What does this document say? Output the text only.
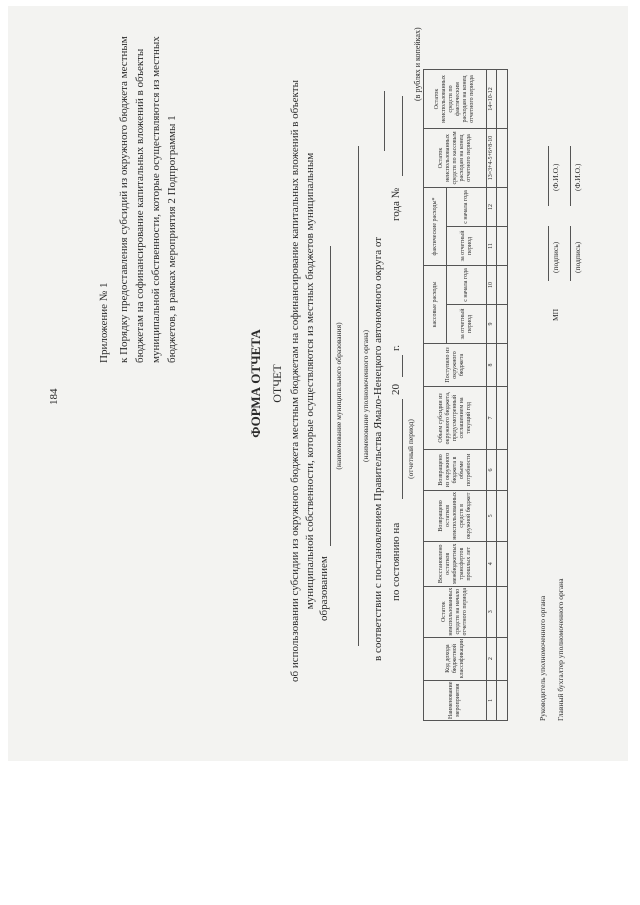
184
Приложение № 1 к Порядку предоставления субсидий из окружного бюджета местным бюджетам на софинансирование капитальных вложений в объекты муниципальной собственности, которые осуществляются из местных бюджетов, в рамках мероприятия 2 Подпрограммы 1
ФОРМА ОТЧЕТА ОТЧЕТ об использовании субсидии из окружного бюджета местным бюджетам на софинансирование капитальных вложений в объекты муниципальной собственности, которые осуществляются из местных бюджетов муниципальным образованием
(наименование муниципального образования) (наименование уполномоченного органа) в соответствии с постановлением Правительства Ямало-Ненецкого автономного округа от по состоянию на
20
г.
года №
(отчетный период)
(в рублях и копейках)
Наименование мероприятия	Код дохода бюджетной классификации	Остаток неиспользованных средств на начало отчетного периода	Восстановлено остатков межбюджетных трансфертов прошлых лет	Возвращено остатков неиспользованных средств в окружной бюджет	Возвращено из окружного бюджета в объеме потребности	Объем субсидии из окружного бюджета, предусмотренный соглашением на текущий год	Поступило из окружного бюджета	кассовые расходы		фактические расходы*		Остаток неиспользованных средств по кассовым расходам на конец отчетного периода	Остаток неиспользованных средств по фактическим расходам на конец отчетного периода
								за отчетный период	с начала года	за отчетный период	с начала года		
1	2	3	4	5	6	7	8	9	10	11	12	13=3+4-5+6+8-10	14=10-12

Руководитель уполномоченного органа Главный бухгалтер уполномоченного органа
(подпись)
(Ф.И.О.)
МП
(подпись)
(Ф.И.О.)
